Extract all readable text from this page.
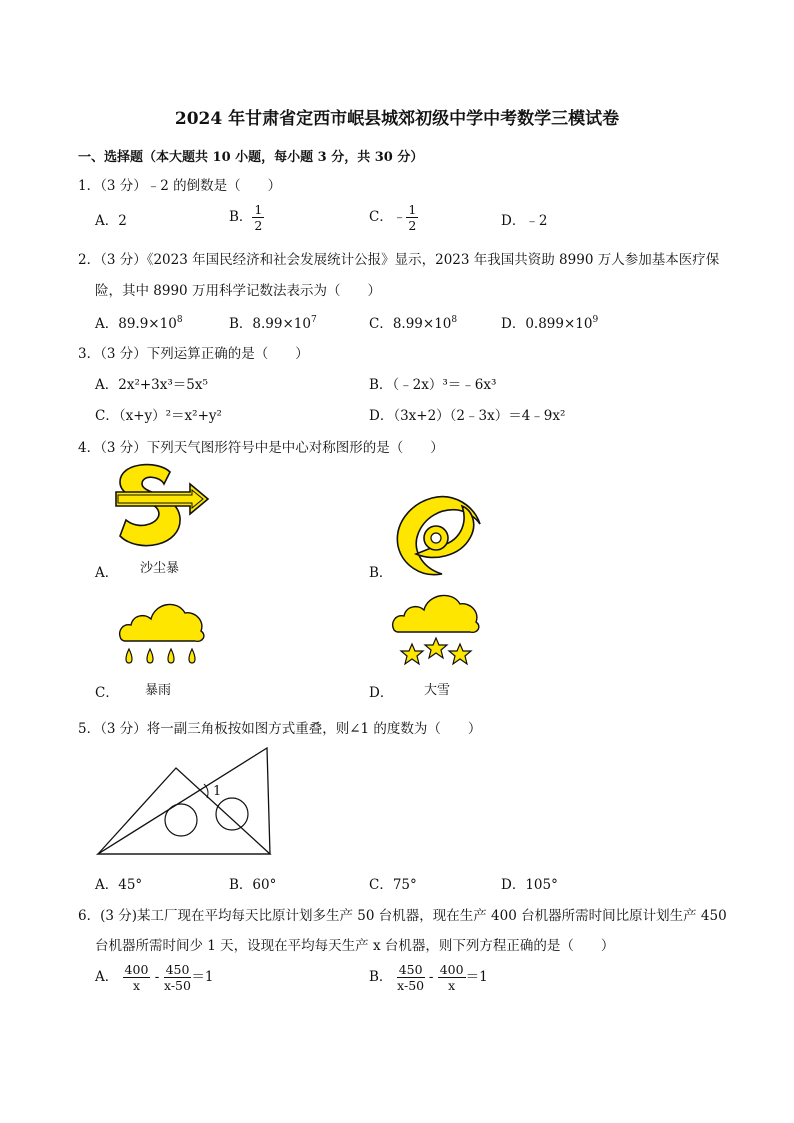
2024 年甘肃省定西市岷县城郊初级中学中考数学三模试卷
一、选择题（本大题共 10 小题，每小题 3 分，共 30 分）
1．（3 分）﹣2 的倒数是（　　）
A．2	B． $\frac{1}{2}$	C．﹣ $\frac{1}{2}$	D．﹣2
2．（3 分）《2023 年国民经济和社会发展统计公报》显示，2023 年我国共资助 8990 万人参加基本医疗保
险，其中 8990 万用科学记数法表示为（　　）
A．$89.9\times 10^8$	B．$8.99\times 10^7$	C．$8.99\times 10^8$	D．$0.899\times 10^9$
3．（3 分）下列运算正确的是（　　）
A．2x²+3x³＝5x⁵	B．（﹣2x）³＝﹣6x³
C．（x+y）²＝x²+y²	D．（3x+2）（2﹣3x）＝4﹣9x²
4．（3 分）下列天气图形符号中是中心对称图形的是（　　）
沙尘暴
A．	B．
C． 暴雨	D． 大雪
5．（3 分）将一副三角板按如图方式重叠，则∠1 的度数为（　　）
1
A．45°	B．60°	C．75°	D．105°
6．(3 分)某工厂现在平均每天比原计划多生产 50 台机器，现在生产 400 台机器所需时间比原计划生产 450
台机器所需时间少 1 天，设现在平均每天生产 x 台机器，则下列方程正确的是（　　）
A． $\frac{400}{x} - \frac{450}{x-50} =1$	B． $\frac{450}{x-50} - \frac{400}{x} =1$
